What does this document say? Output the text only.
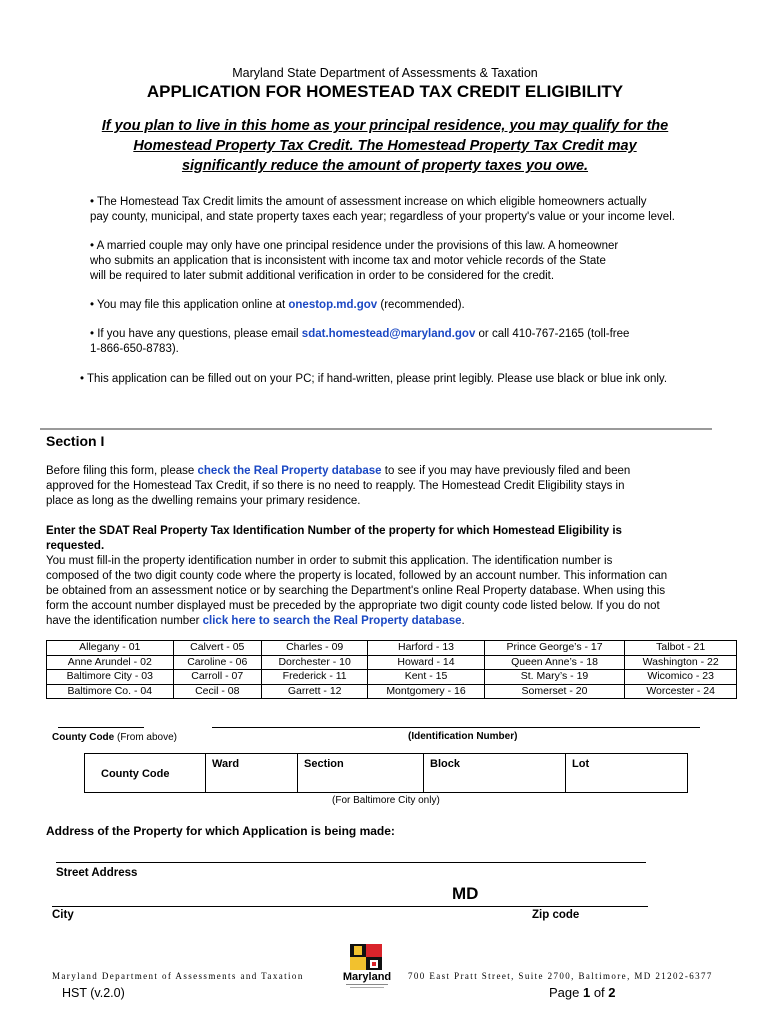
Maryland State Department of Assessments & Taxation
APPLICATION FOR HOMESTEAD TAX CREDIT ELIGIBILITY
If you plan to live in this home as your principal residence, you may qualify for the
Homestead Property Tax Credit. The Homestead Property Tax Credit may
significantly reduce the amount of property taxes you owe.
• The Homestead Tax Credit limits the amount of assessment increase on which eligible homeowners actually
pay county, municipal, and state property taxes each year; regardless of your property's value or your income level.
• A married couple may only have one principal residence under the provisions of this law. A homeowner
who submits an application that is inconsistent with income tax and motor vehicle records of the State
will be required to later submit additional verification in order to be considered for the credit.
• You may file this application online at onestop.md.gov (recommended).
• If you have any questions, please email sdat.homestead@maryland.gov or call 410-767-2165 (toll-free
1-866-650-8783).
• This application can be filled out on your PC; if hand-written, please print legibly. Please use black or blue ink only.
Section I
Before filing this form, please check the Real Property database to see if you may have previously filed and been
approved for the Homestead Tax Credit, if so there is no need to reapply. The Homestead Credit Eligibility stays in
place as long as the dwelling remains your primary residence.
Enter the SDAT Real Property Tax Identification Number of the property for which Homestead Eligibility is
requested.
You must fill-in the property identification number in order to submit this application. The identification number is
composed of the two digit county code where the property is located, followed by an account number. This information can
be obtained from an assessment notice or by searching the Department's online Real Property database. When using this
form the account number displayed must be preceded by the appropriate two digit county code listed below. If you do not
have the identification number click here to search the Real Property database.
Allegany - 01	Calvert - 05	Charles - 09	Harford - 13	Prince George’s - 17	Talbot - 21
Anne Arundel - 02	Caroline - 06	Dorchester - 10	Howard - 14	Queen Anne’s - 18	Washington - 22
Baltimore City - 03	Carroll - 07	Frederick - 11	Kent - 15	St. Mary’s - 19	Wicomico - 23
Baltimore Co. - 04	Cecil - 08	Garrett - 12	Montgomery - 16	Somerset - 20	Worcester - 24
County Code (From above)	(Identification Number)
County Code
Ward	Section	Block	Lot
(For Baltimore City only)
Address of the Property for which Application is being made:
Street Address
MD
City	Zip code
Maryland Department of Assessments and Taxation	Maryland 700 East Pratt Street, Suite 2700, Baltimore, MD 21202-6377
HST (v.2.0)	Page 1 of 2
